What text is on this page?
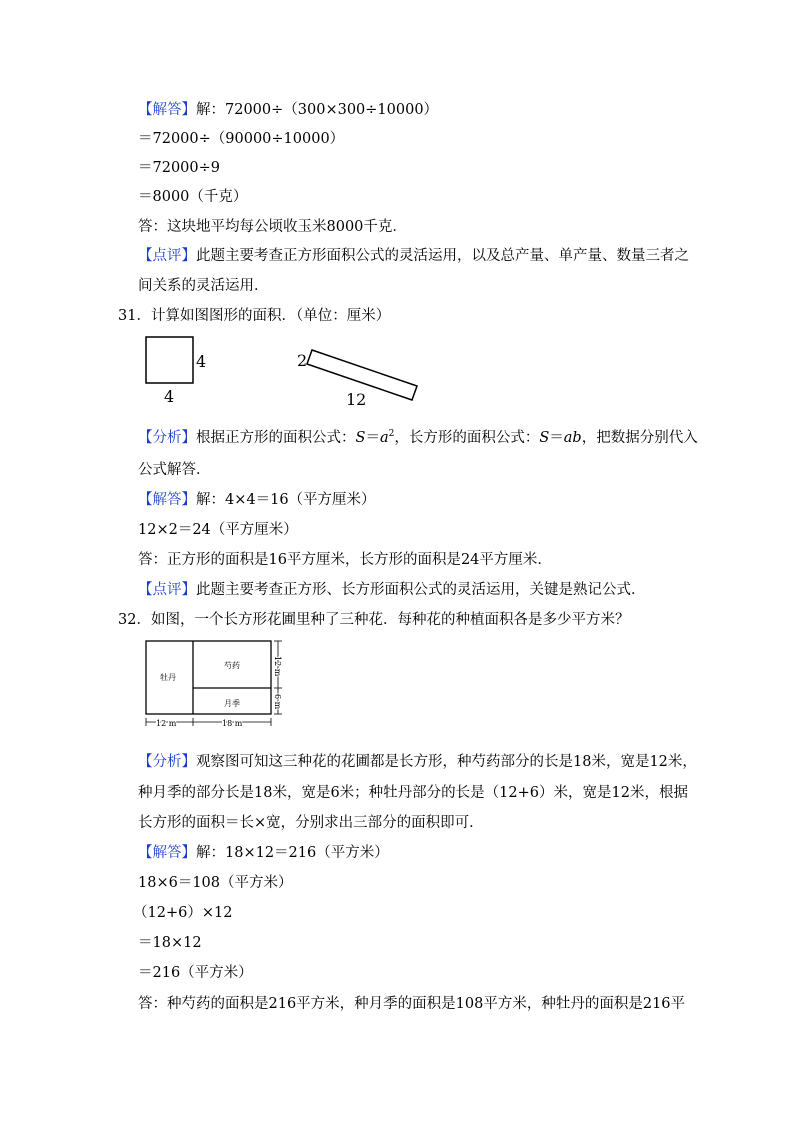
【解答】解：72000÷（300×300÷10000）
＝72000÷（90000÷10000）
＝72000÷9
＝8000（千克）
答：这块地平均每公顷收玉米8000千克．
【点评】此题主要考查正方形面积公式的灵活运用，以及总产量、单产量、数量三者之
间关系的灵活运用．
31．计算如图图形的面积．（单位：厘米）
4
4
2
12
【分析】根据正方形的面积公式：$S=a^2$，长方形的面积公式：S＝ab，把数据分别代入
公式解答．
【解答】解：4×4＝16（平方厘米）
12×2＝24（平方厘米）
答：正方形的面积是16平方厘米，长方形的面积是24平方厘米．
【点评】此题主要考查正方形、长方形面积公式的灵活运用，关键是熟记公式．
32．如图，一个长方形花圃里种了三种花．每种花的种植面积各是多少平方米？
牡丹
芍药
月季
12 m	18 m
12 m
6 m
【分析】观察图可知这三种花的花圃都是长方形，种芍药部分的长是18米，宽是12米，
种月季的部分长是18米，宽是6米；种牡丹部分的长是（12+6）米，宽是12米，根据
长方形的面积＝长×宽，分别求出三部分的面积即可．
【解答】解：18×12＝216（平方米）
18×6＝108（平方米）
（12+6）×12
＝18×12
＝216（平方米）
答：种芍药的面积是216平方米，种月季的面积是108平方米，种牡丹的面积是216平
